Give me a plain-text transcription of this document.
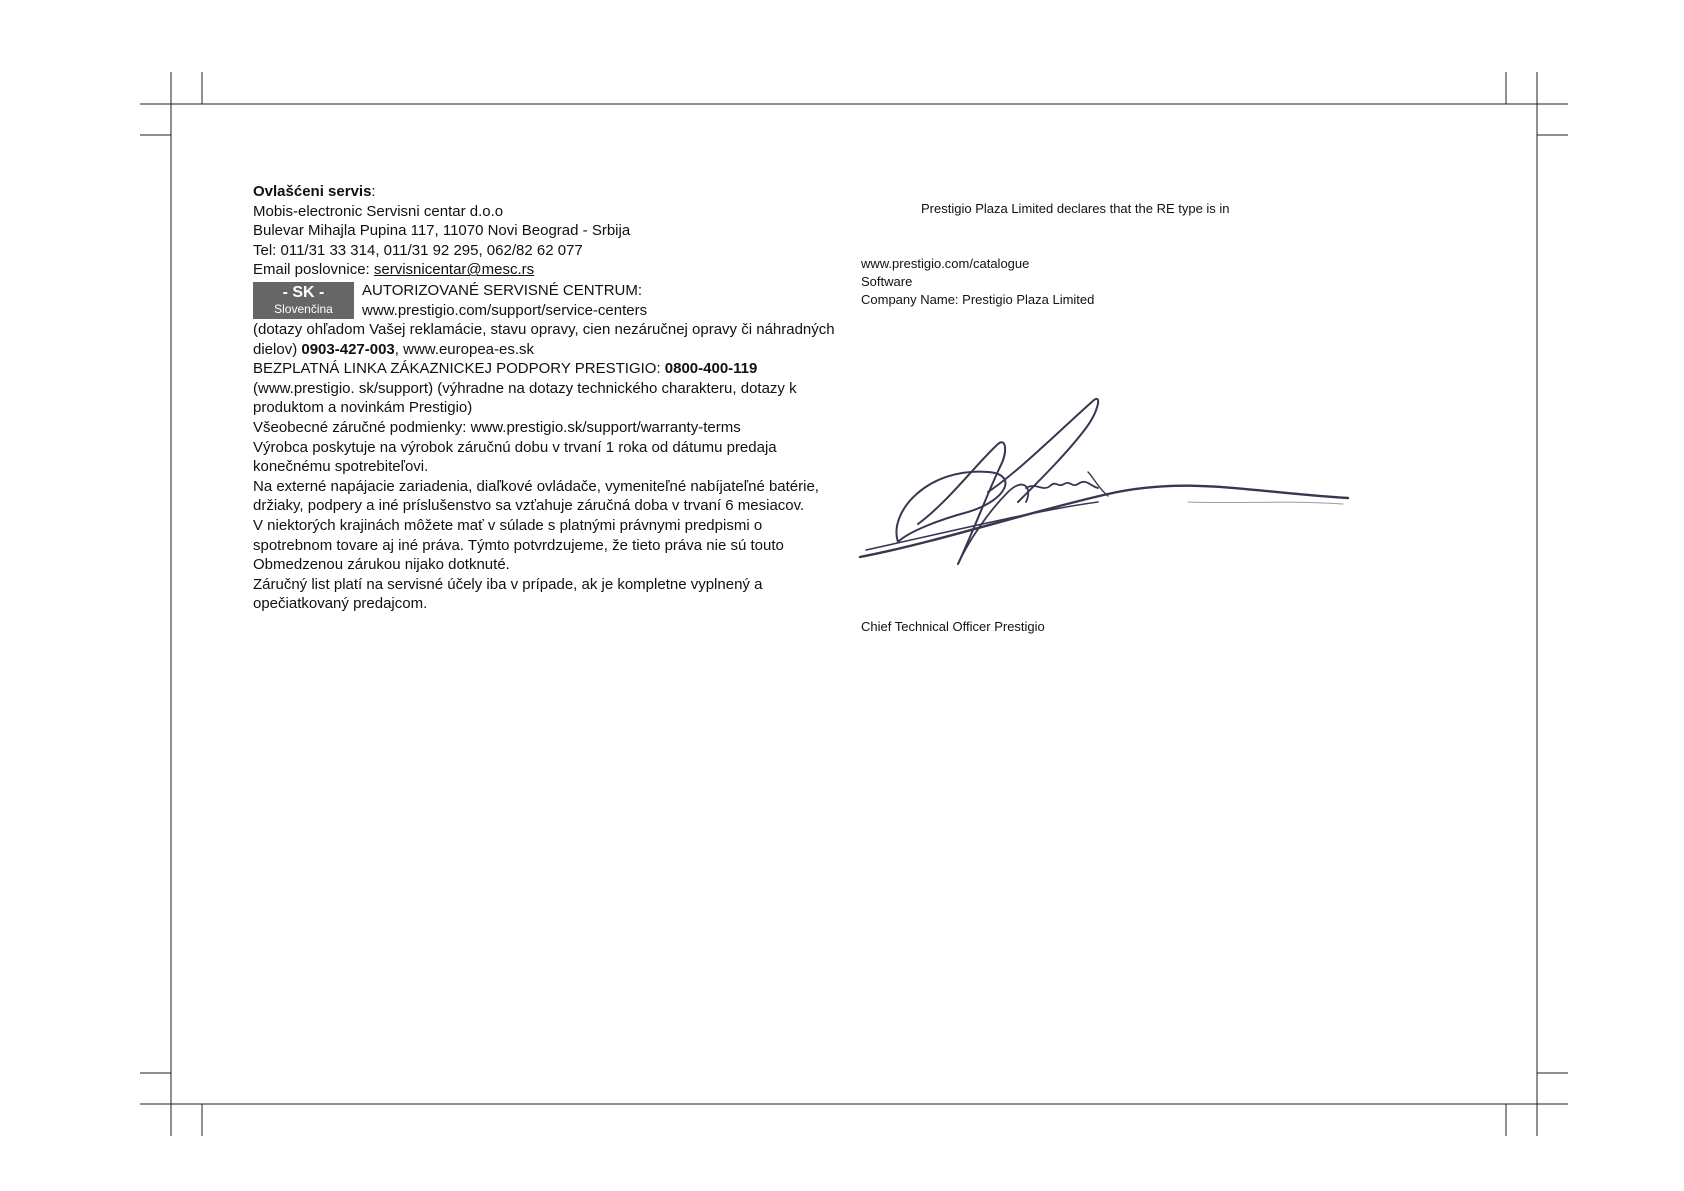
Ovlašćeni servis:

Mobis-electronic Servisni centar d.o.o

Bulevar Mihajla Pupina 117, 11070 Novi Beograd - Srbija

Tel: 011/31 33 314, 011/31 92 295, 062/82 62 077

Email poslovnice: servisnicentar@mesc.rs

- SK -
Slovenčina
AUTORIZOVANÉ SERVISNÉ CENTRUM:
www.prestigio.com/support/service-centers

(dotazy ohľadom Vašej reklamácie, stavu opravy, cien nezáručnej opravy či náhradných dielov) 0903-427-003, www.europea-es.sk

BEZPLATNÁ LINKA ZÁKAZNICKEJ PODPORY PRESTIGIO: 0800-400-119 (www.prestigio. sk/support) (výhradne na dotazy technického charakteru, dotazy k produktom a novinkám Prestigio)

Všeobecné záručné podmienky: www.prestigio.sk/support/warranty-terms

Výrobca poskytuje na výrobok záručnú dobu v trvaní 1 roka od dátumu predaja konečnému spotrebiteľovi.

Na externé napájacie zariadenia, diaľkové ovládače, vymeniteľné nabíjateľné batérie, držiaky, podpery a iné príslušenstvo sa vzťahuje záručná doba v trvaní 6 mesiacov.

V niektorých krajinách môžete mať v súlade s platnými právnymi predpismi o spotrebnom tovare aj iné práva. Týmto potvrdzujeme, že tieto práva nie sú touto Obmedzenou zárukou nijako dotknuté.

Záručný list platí na servisné účely iba v prípade, ak je kompletne vyplnený a opečiatkovaný predajcom.

Prestigio Plaza Limited declares that the RE type is in

www.prestigio.com/catalogue

Software

Company Name: Prestigio Plaza Limited

Chief Technical Officer Prestigio
